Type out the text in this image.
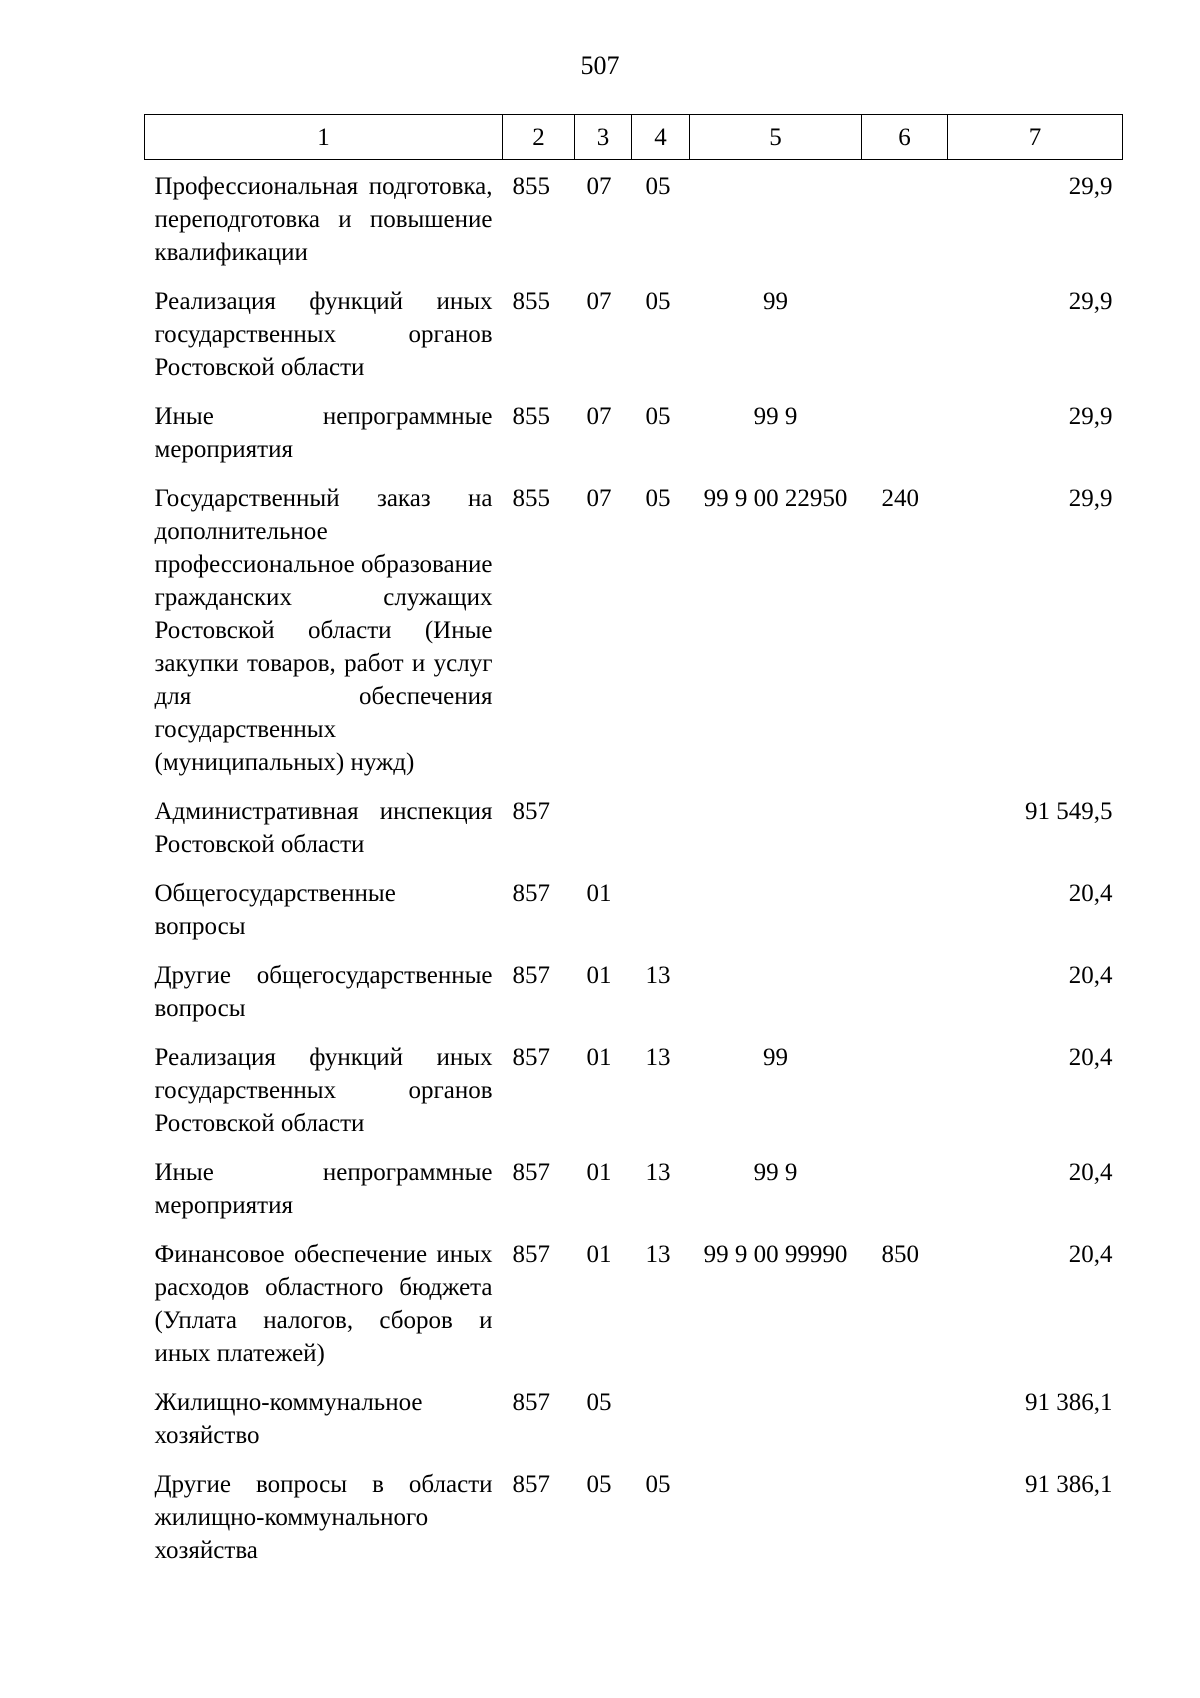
507
1	2	3	4	5	6	7
Профессиональная подготовка, переподготовка и повышение квалификации	855	07	05			29,9
Реализация функций иных государственных органов Ростовской области	855	07	05	99		29,9
Иные непрограммные мероприятия	855	07	05	99 9		29,9
Государственный заказ на дополнительное профессиональное образование гражданских служащих Ростовской области (Иные закупки товаров, работ и услуг для обеспечения государственных (муниципальных) нужд)	855	07	05	99 9 00 22950	240	29,9
Административная инспекция Ростовской области	857					91 549,5
Общегосударственные вопросы	857	01				20,4
Другие общегосударственные вопросы	857	01	13			20,4
Реализация функций иных государственных органов Ростовской области	857	01	13	99		20,4
Иные непрограммные мероприятия	857	01	13	99 9		20,4
Финансовое обеспечение иных расходов областного бюджета (Уплата налогов, сборов и иных платежей)	857	01	13	99 9 00 99990	850	20,4
Жилищно-коммунальное хозяйство	857	05				91 386,1
Другие вопросы в области жилищно-коммунального хозяйства	857	05	05			91 386,1
